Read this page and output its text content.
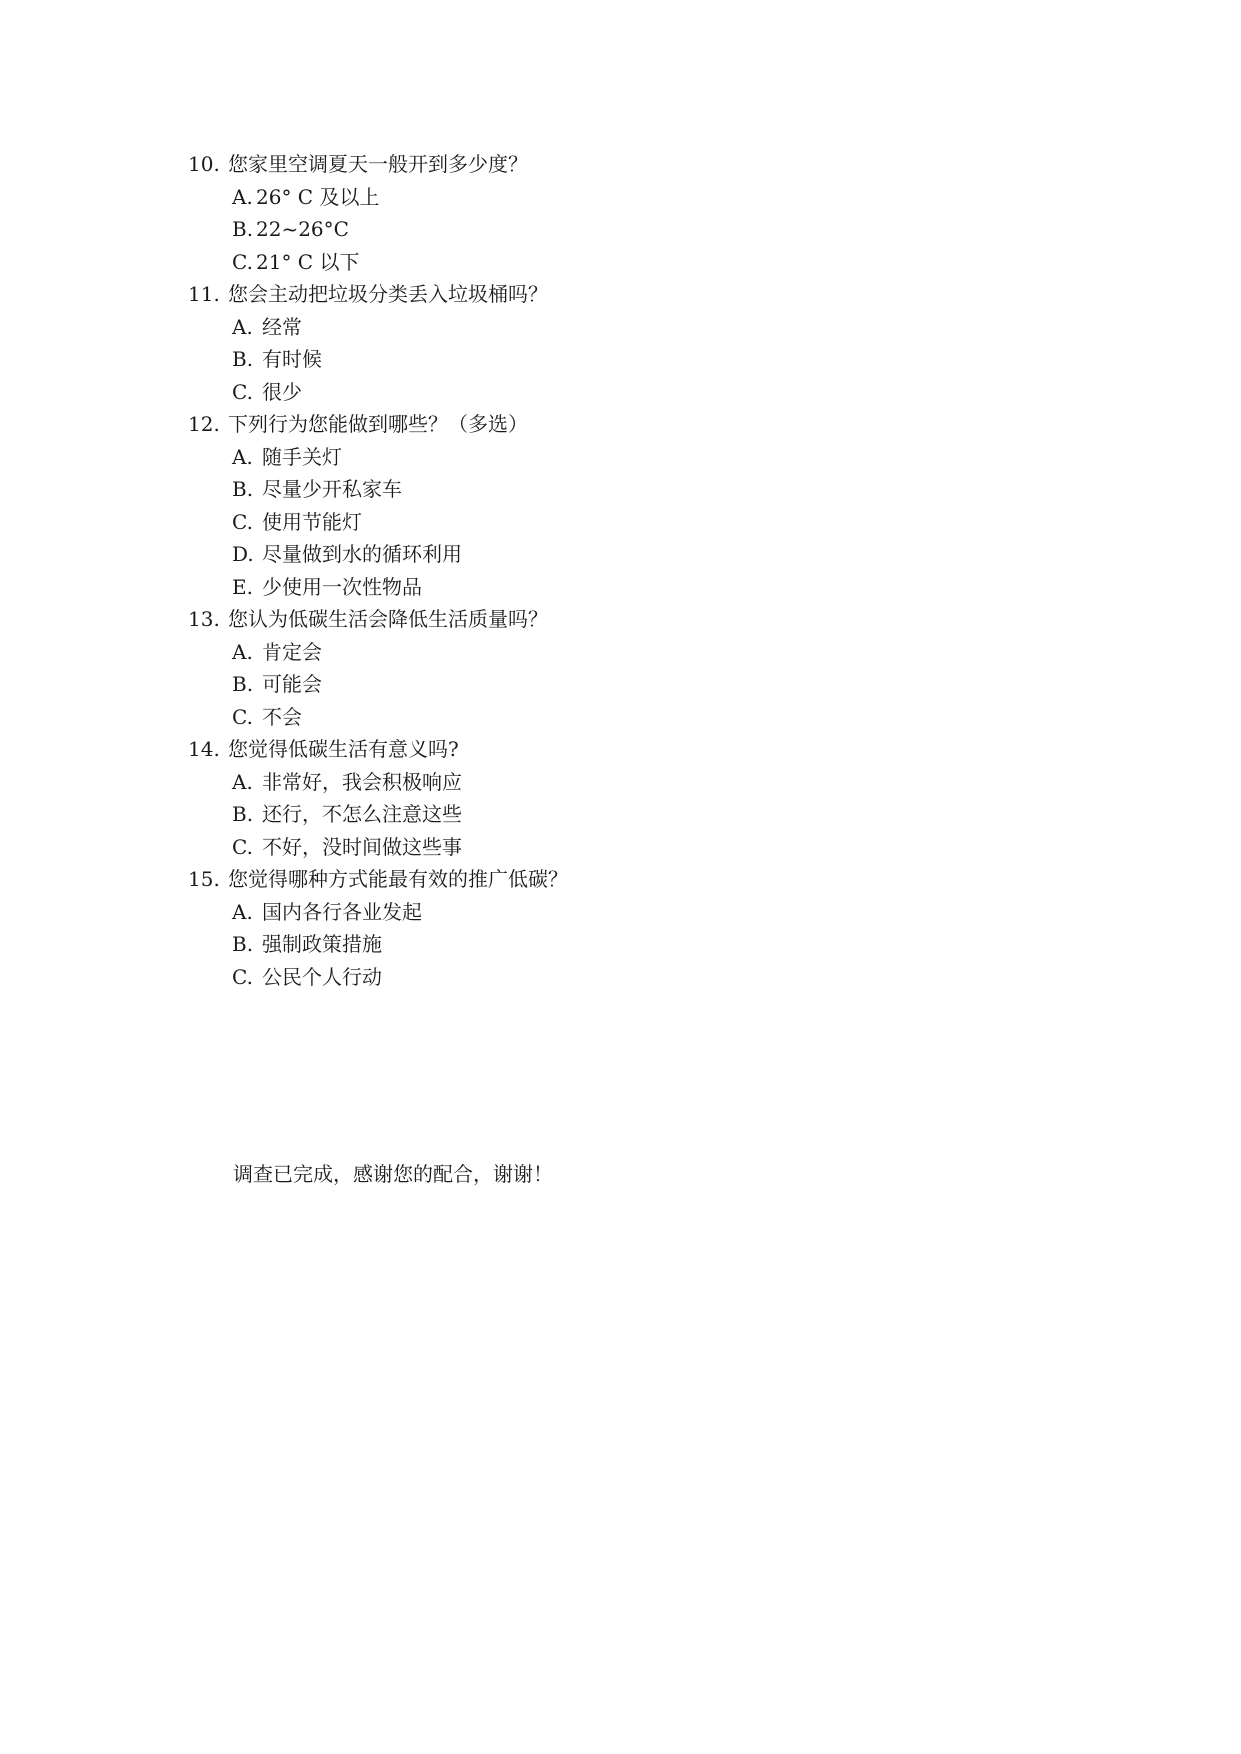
10. 您家里空调夏天一般开到多少度？
A. 26° C 及以上
B. 22~26°C
C. 21° C 以下
11. 您会主动把垃圾分类丢入垃圾桶吗？
A. 经常
B. 有时候
C. 很少
12. 下列行为您能做到哪些？（多选）
A. 随手关灯
B. 尽量少开私家车
C. 使用节能灯
D. 尽量做到水的循环利用
E. 少使用一次性物品
13. 您认为低碳生活会降低生活质量吗？
A. 肯定会
B. 可能会
C. 不会
14. 您觉得低碳生活有意义吗?
A. 非常好，我会积极响应
B. 还行，不怎么注意这些
C. 不好，没时间做这些事
15. 您觉得哪种方式能最有效的推广低碳？
A. 国内各行各业发起
B. 强制政策措施
C. 公民个人行动
调查已完成，感谢您的配合，谢谢！
